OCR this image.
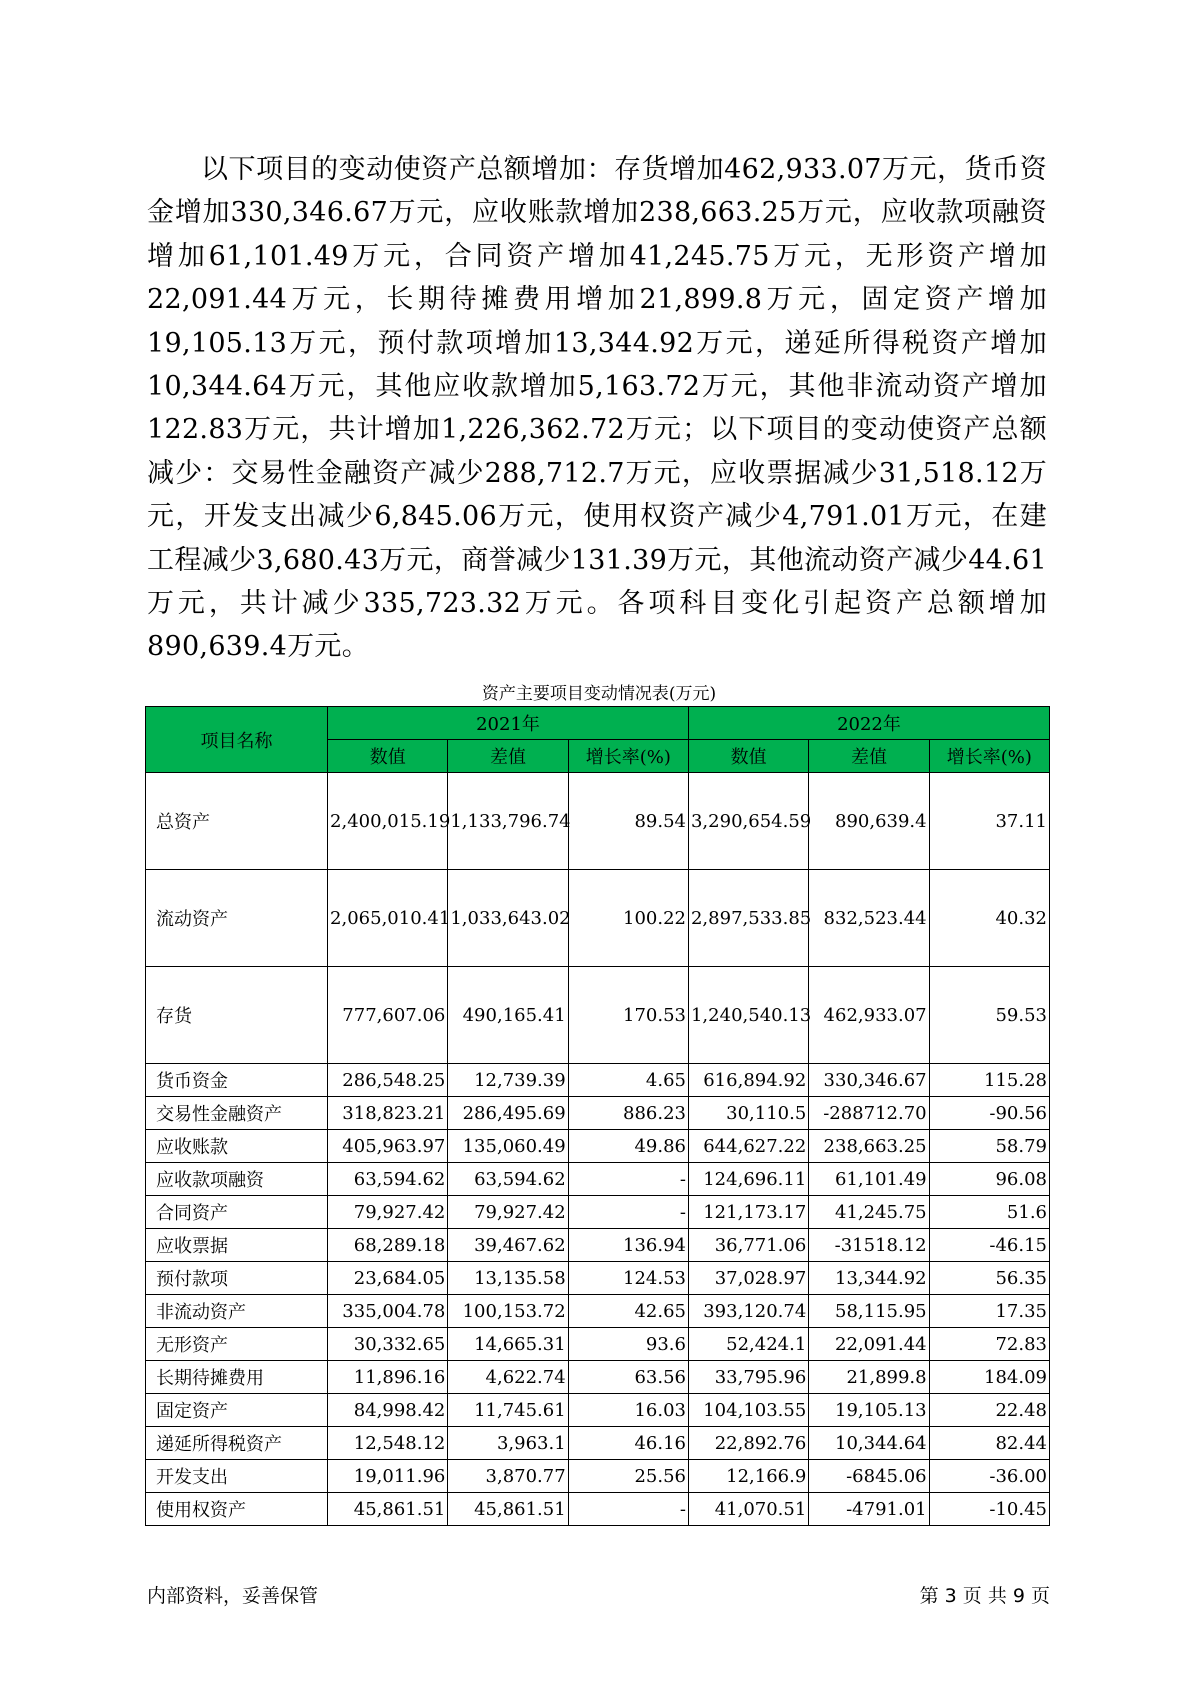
以下项目的变动使资产总额增加：存货增加462,933.07万元，货币资金增加330,346.67万元，应收账款增加238,663.25万元，应收款项融资增加61,101.49万元，合同资产增加41,245.75万元，无形资产增加22,091.44万元，长期待摊费用增加21,899.8万元，固定资产增加19,105.13万元，预付款项增加13,344.92万元，递延所得税资产增加10,344.64万元，其他应收款增加5,163.72万元，其他非流动资产增加122.83万元，共计增加1,226,362.72万元；以下项目的变动使资产总额减少：交易性金融资产减少288,712.7万元，应收票据减少31,518.12万元，开发支出减少6,845.06万元，使用权资产减少4,791.01万元，在建工程减少3,680.43万元，商誉减少131.39万元，其他流动资产减少44.61万元，共计减少335,723.32万元。各项科目变化引起资产总额增加890,639.4万元。

资产主要项目变动情况表(万元)
项目名称	2021年			2022年		
	数值	差值	增长率(%)	数值	差值	增长率(%)
总资产	2,400,015.19	1,133,796.74	89.54	3,290,654.59	890,639.4	37.11
流动资产	2,065,010.41	1,033,643.02	100.22	2,897,533.85	832,523.44	40.32
存货	777,607.06	490,165.41	170.53	1,240,540.13	462,933.07	59.53
货币资金	286,548.25	12,739.39	4.65	616,894.92	330,346.67	115.28
交易性金融资产	318,823.21	286,495.69	886.23	30,110.5	-288712.70	-90.56
应收账款	405,963.97	135,060.49	49.86	644,627.22	238,663.25	58.79
应收款项融资	63,594.62	63,594.62	-	124,696.11	61,101.49	96.08
合同资产	79,927.42	79,927.42	-	121,173.17	41,245.75	51.6
应收票据	68,289.18	39,467.62	136.94	36,771.06	-31518.12	-46.15
预付款项	23,684.05	13,135.58	124.53	37,028.97	13,344.92	56.35
非流动资产	335,004.78	100,153.72	42.65	393,120.74	58,115.95	17.35
无形资产	30,332.65	14,665.31	93.6	52,424.1	22,091.44	72.83
长期待摊费用	11,896.16	4,622.74	63.56	33,795.96	21,899.8	184.09
固定资产	84,998.42	11,745.61	16.03	104,103.55	19,105.13	22.48
递延所得税资产	12,548.12	3,963.1	46.16	22,892.76	10,344.64	82.44
开发支出	19,011.96	3,870.77	25.56	12,166.9	-6845.06	-36.00
使用权资产	45,861.51	45,861.51	-	41,070.51	-4791.01	-10.45
内部资料，妥善保管	第 3 页 共 9 页
